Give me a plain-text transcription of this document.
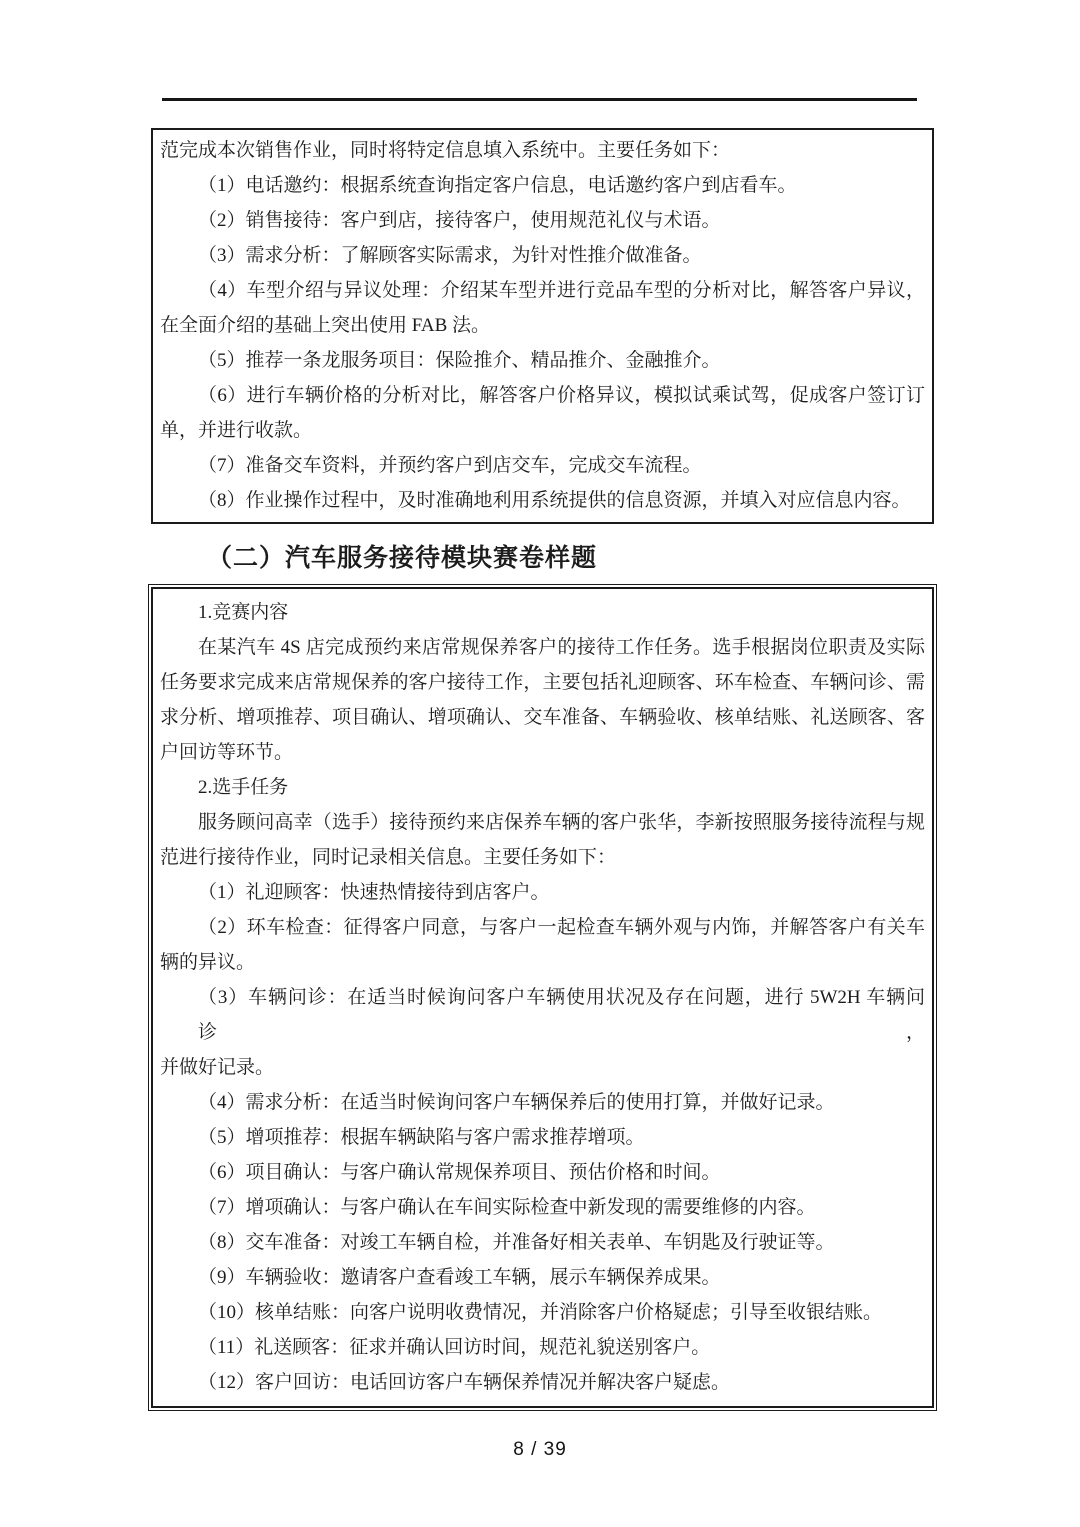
范完成本次销售作业，同时将特定信息填入系统中。主要任务如下：
（1）电话邀约：根据系统查询指定客户信息，电话邀约客户到店看车。
（2）销售接待：客户到店，接待客户，使用规范礼仪与术语。
（3）需求分析：了解顾客实际需求，为针对性推介做准备。
（4）车型介绍与异议处理：介绍某车型并进行竞品车型的分析对比，解答客户异议，
在全面介绍的基础上突出使用 FAB 法。
（5）推荐一条龙服务项目：保险推介、精品推介、金融推介。
（6）进行车辆价格的分析对比，解答客户价格异议，模拟试乘试驾，促成客户签订订
单，并进行收款。
（7）准备交车资料，并预约客户到店交车，完成交车流程。
（8）作业操作过程中，及时准确地利用系统提供的信息资源，并填入对应信息内容。
（二）汽车服务接待模块赛卷样题
1.竞赛内容
在某汽车 4S 店完成预约来店常规保养客户的接待工作任务。选手根据岗位职责及实际
任务要求完成来店常规保养的客户接待工作，主要包括礼迎顾客、环车检查、车辆问诊、需
求分析、增项推荐、项目确认、增项确认、交车准备、车辆验收、核单结账、礼送顾客、客
户回访等环节。
2.选手任务
服务顾问高幸（选手）接待预约来店保养车辆的客户张华，李新按照服务接待流程与规
范进行接待作业，同时记录相关信息。主要任务如下：
（1）礼迎顾客：快速热情接待到店客户。
（2）环车检查：征得客户同意，与客户一起检查车辆外观与内饰，并解答客户有关车
辆的异议。
（3）车辆问诊：在适当时候询问客户车辆使用状况及存在问题，进行 5W2H 车辆问诊，
并做好记录。
（4）需求分析：在适当时候询问客户车辆保养后的使用打算，并做好记录。
（5）增项推荐：根据车辆缺陷与客户需求推荐增项。
（6）项目确认：与客户确认常规保养项目、预估价格和时间。
（7）增项确认：与客户确认在车间实际检查中新发现的需要维修的内容。
（8）交车准备：对竣工车辆自检，并准备好相关表单、车钥匙及行驶证等。
（9）车辆验收：邀请客户查看竣工车辆，展示车辆保养成果。
（10）核单结账：向客户说明收费情况，并消除客户价格疑虑；引导至收银结账。
（11）礼送顾客：征求并确认回访时间，规范礼貌送别客户。
（12）客户回访：电话回访客户车辆保养情况并解决客户疑虑。
8 / 39
